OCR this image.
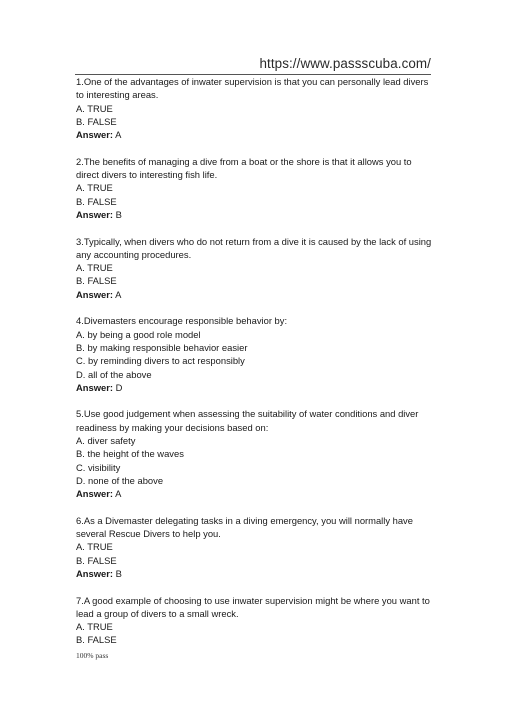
https://www.passscuba.com/

1.One of the advantages of inwater supervision is that you can personally lead divers to interesting areas.

A. TRUE

B. FALSE

Answer: A

2.The benefits of managing a dive from a boat or the shore is that it allows you to direct divers to interesting fish life.

A. TRUE

B. FALSE

Answer: B

3.Typically, when divers who do not return from a dive it is caused by the lack of using any accounting procedures.

A. TRUE

B. FALSE

Answer: A

4.Divemasters encourage responsible behavior by:

A. by being a good role model

B. by making responsible behavior easier

C. by reminding divers to act responsibly

D. all of the above

Answer: D

5.Use good judgement when assessing the suitability of water conditions and diver readiness by making your decisions based on:

A. diver safety

B. the height of the waves

C. visibility

D. none of the above

Answer: A

6.As a Divemaster delegating tasks in a diving emergency, you will normally have several Rescue Divers to help you.

A. TRUE

B. FALSE

Answer: B

7.A good example of choosing to use inwater supervision might be where you want to lead a group of divers to a small wreck.

A. TRUE

B. FALSE

100% pass
